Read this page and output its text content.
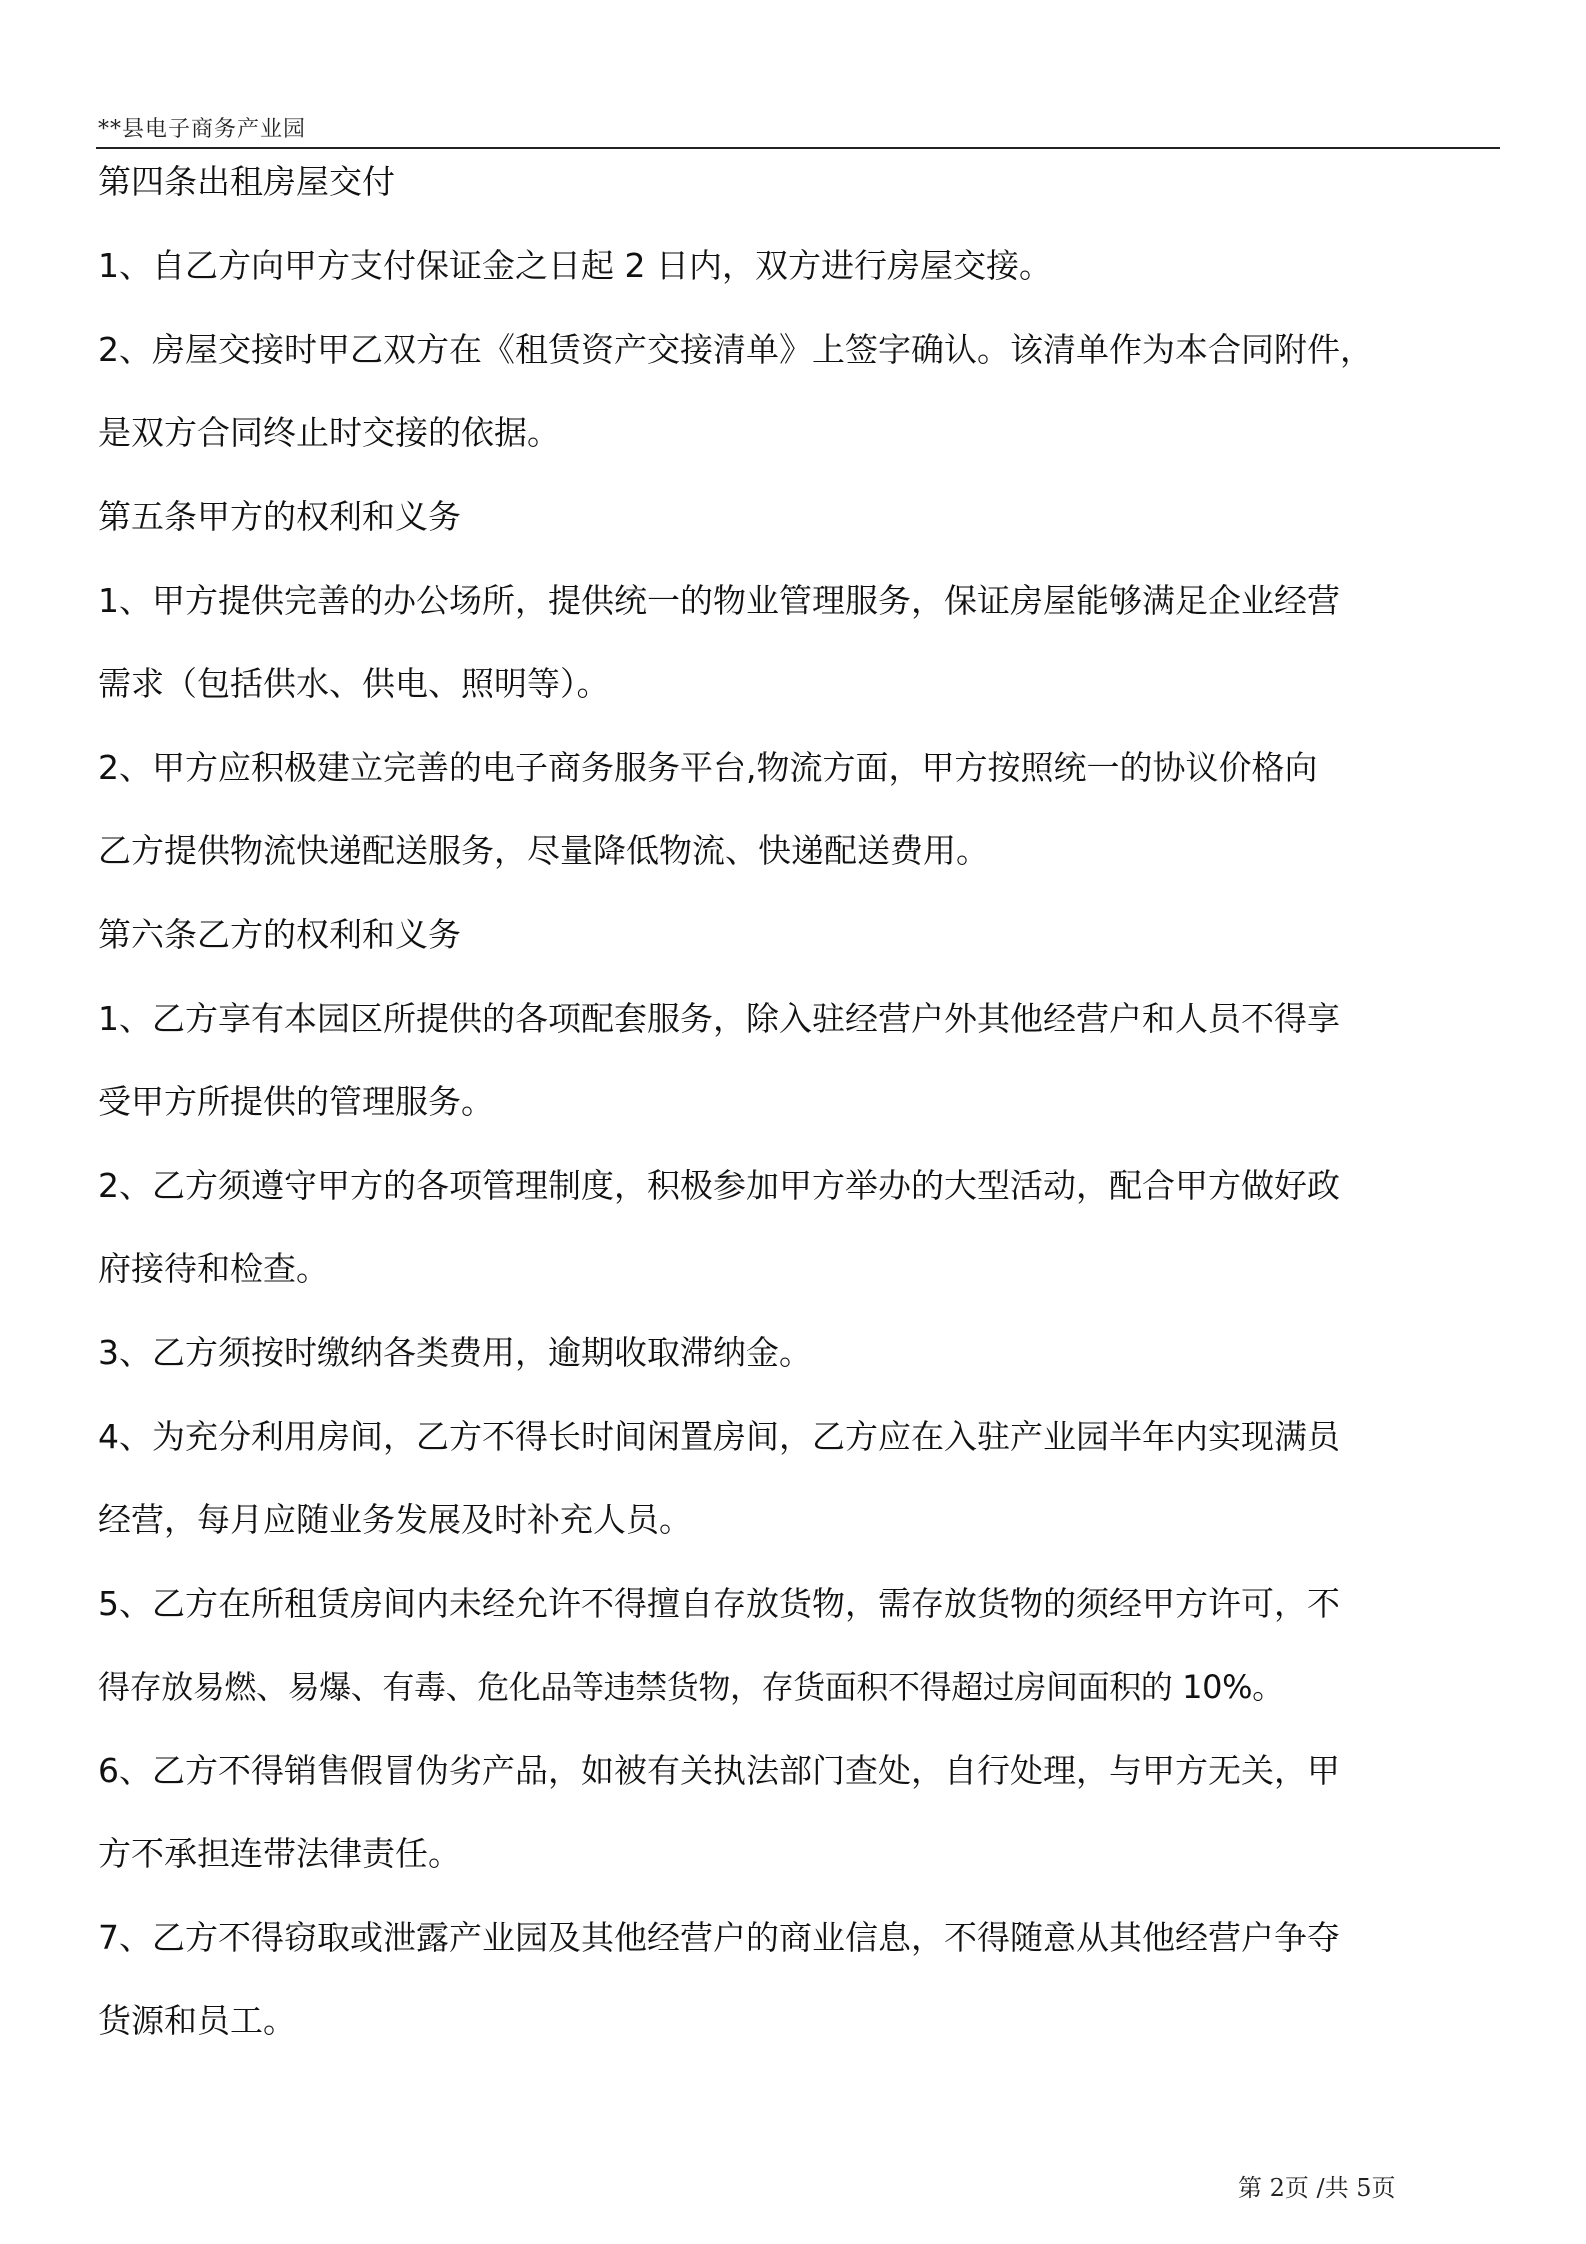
**县电子商务产业园
第四条出租房屋交付
1、自乙方向甲方支付保证金之日起 2 日内，双方进行房屋交接。
2、房屋交接时甲乙双方在《租赁资产交接清单》上签字确认。该清单作为本合同附件，
是双方合同终止时交接的依据。
第五条甲方的权利和义务
1、甲方提供完善的办公场所，提供统一的物业管理服务，保证房屋能够满足企业经营
需求（包括供水、供电、照明等）。
2、甲方应积极建立完善的电子商务服务平台,物流方面，甲方按照统一的协议价格向
乙方提供物流快递配送服务，尽量降低物流、快递配送费用。
第六条乙方的权利和义务
1、乙方享有本园区所提供的各项配套服务，除入驻经营户外其他经营户和人员不得享
受甲方所提供的管理服务。
2、乙方须遵守甲方的各项管理制度，积极参加甲方举办的大型活动，配合甲方做好政
府接待和检查。
3、乙方须按时缴纳各类费用，逾期收取滞纳金。
4、为充分利用房间，乙方不得长时间闲置房间，乙方应在入驻产业园半年内实现满员
经营，每月应随业务发展及时补充人员。
5、乙方在所租赁房间内未经允许不得擅自存放货物，需存放货物的须经甲方许可，不
得存放易燃、易爆、有毒、危化品等违禁货物，存货面积不得超过房间面积的 10%。
6、乙方不得销售假冒伪劣产品，如被有关执法部门查处，自行处理，与甲方无关，甲
方不承担连带法律责任。
7、乙方不得窃取或泄露产业园及其他经营户的商业信息，不得随意从其他经营户争夺
货源和员工。
第 2页 /共 5页
